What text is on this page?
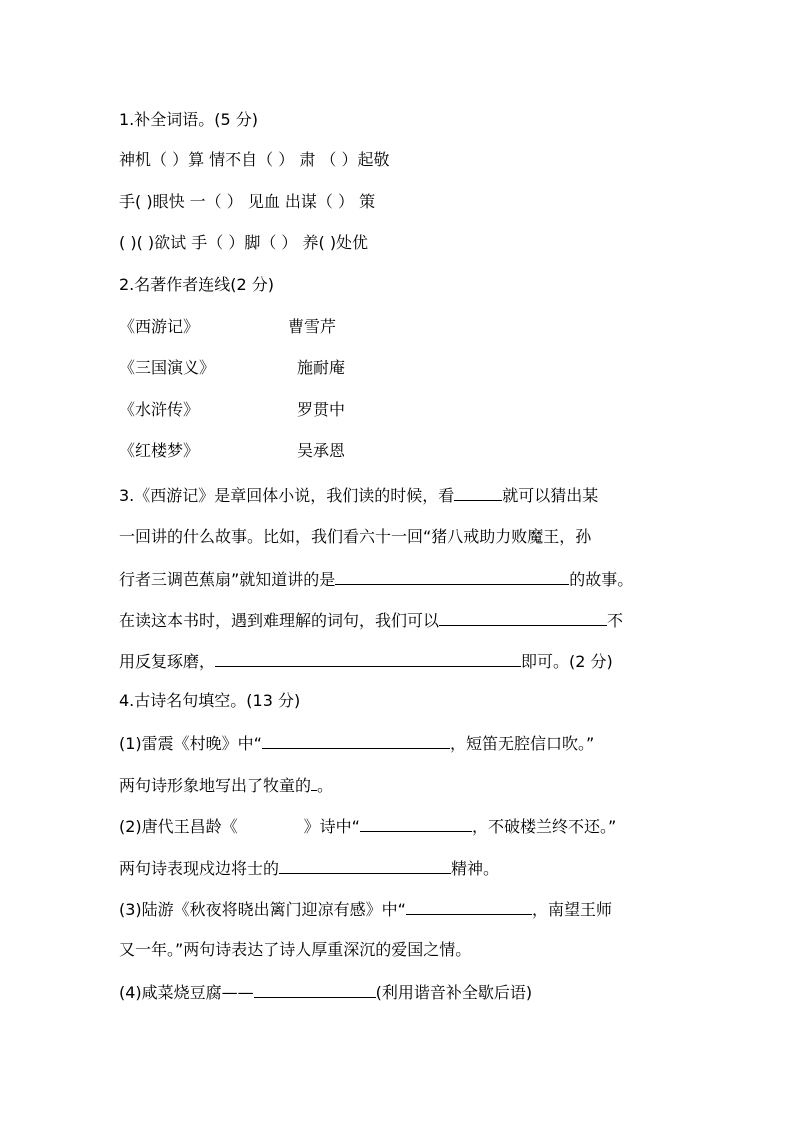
1.补全词语。(5 分)
神机（ ）算 情不自（ ） 肃 （ ）起敬
手( )眼快 一（ ） 见血 出谋（ ） 策
( )( )欲试 手（ ）脚（ ） 养( )处优
2.名著作者连线(2 分)
《西游记》	曹雪芹
《三国演义》	施耐庵
《水浒传》	罗贯中
《红楼梦》	吴承恩
3.《西游记》是章回体小说，我们读的时候，看	就可以猜出某
一回讲的什么故事。比如，我们看六十一回“猪八戒助力败魔王，孙
行者三调芭蕉扇”就知道讲的是	的故事。
在读这本书时，遇到难理解的词句，我们可以	不
用反复琢磨，	即可。(2 分)
4.古诗名句填空。(13 分)
(1)雷震《村晚》中“	，短笛无腔信口吹。”
两句诗形象地写出了牧童的 。
(2)唐代王昌龄《	》诗中“	，不破楼兰终不还。”
两句诗表现戍边将士的	精神。
(3)陆游《秋夜将晓出篱门迎凉有感》中“	，南望王师
又一年。”两句诗表达了诗人厚重深沉的爱国之情。
(4)咸菜烧豆腐——	(利用谐音补全歇后语)
